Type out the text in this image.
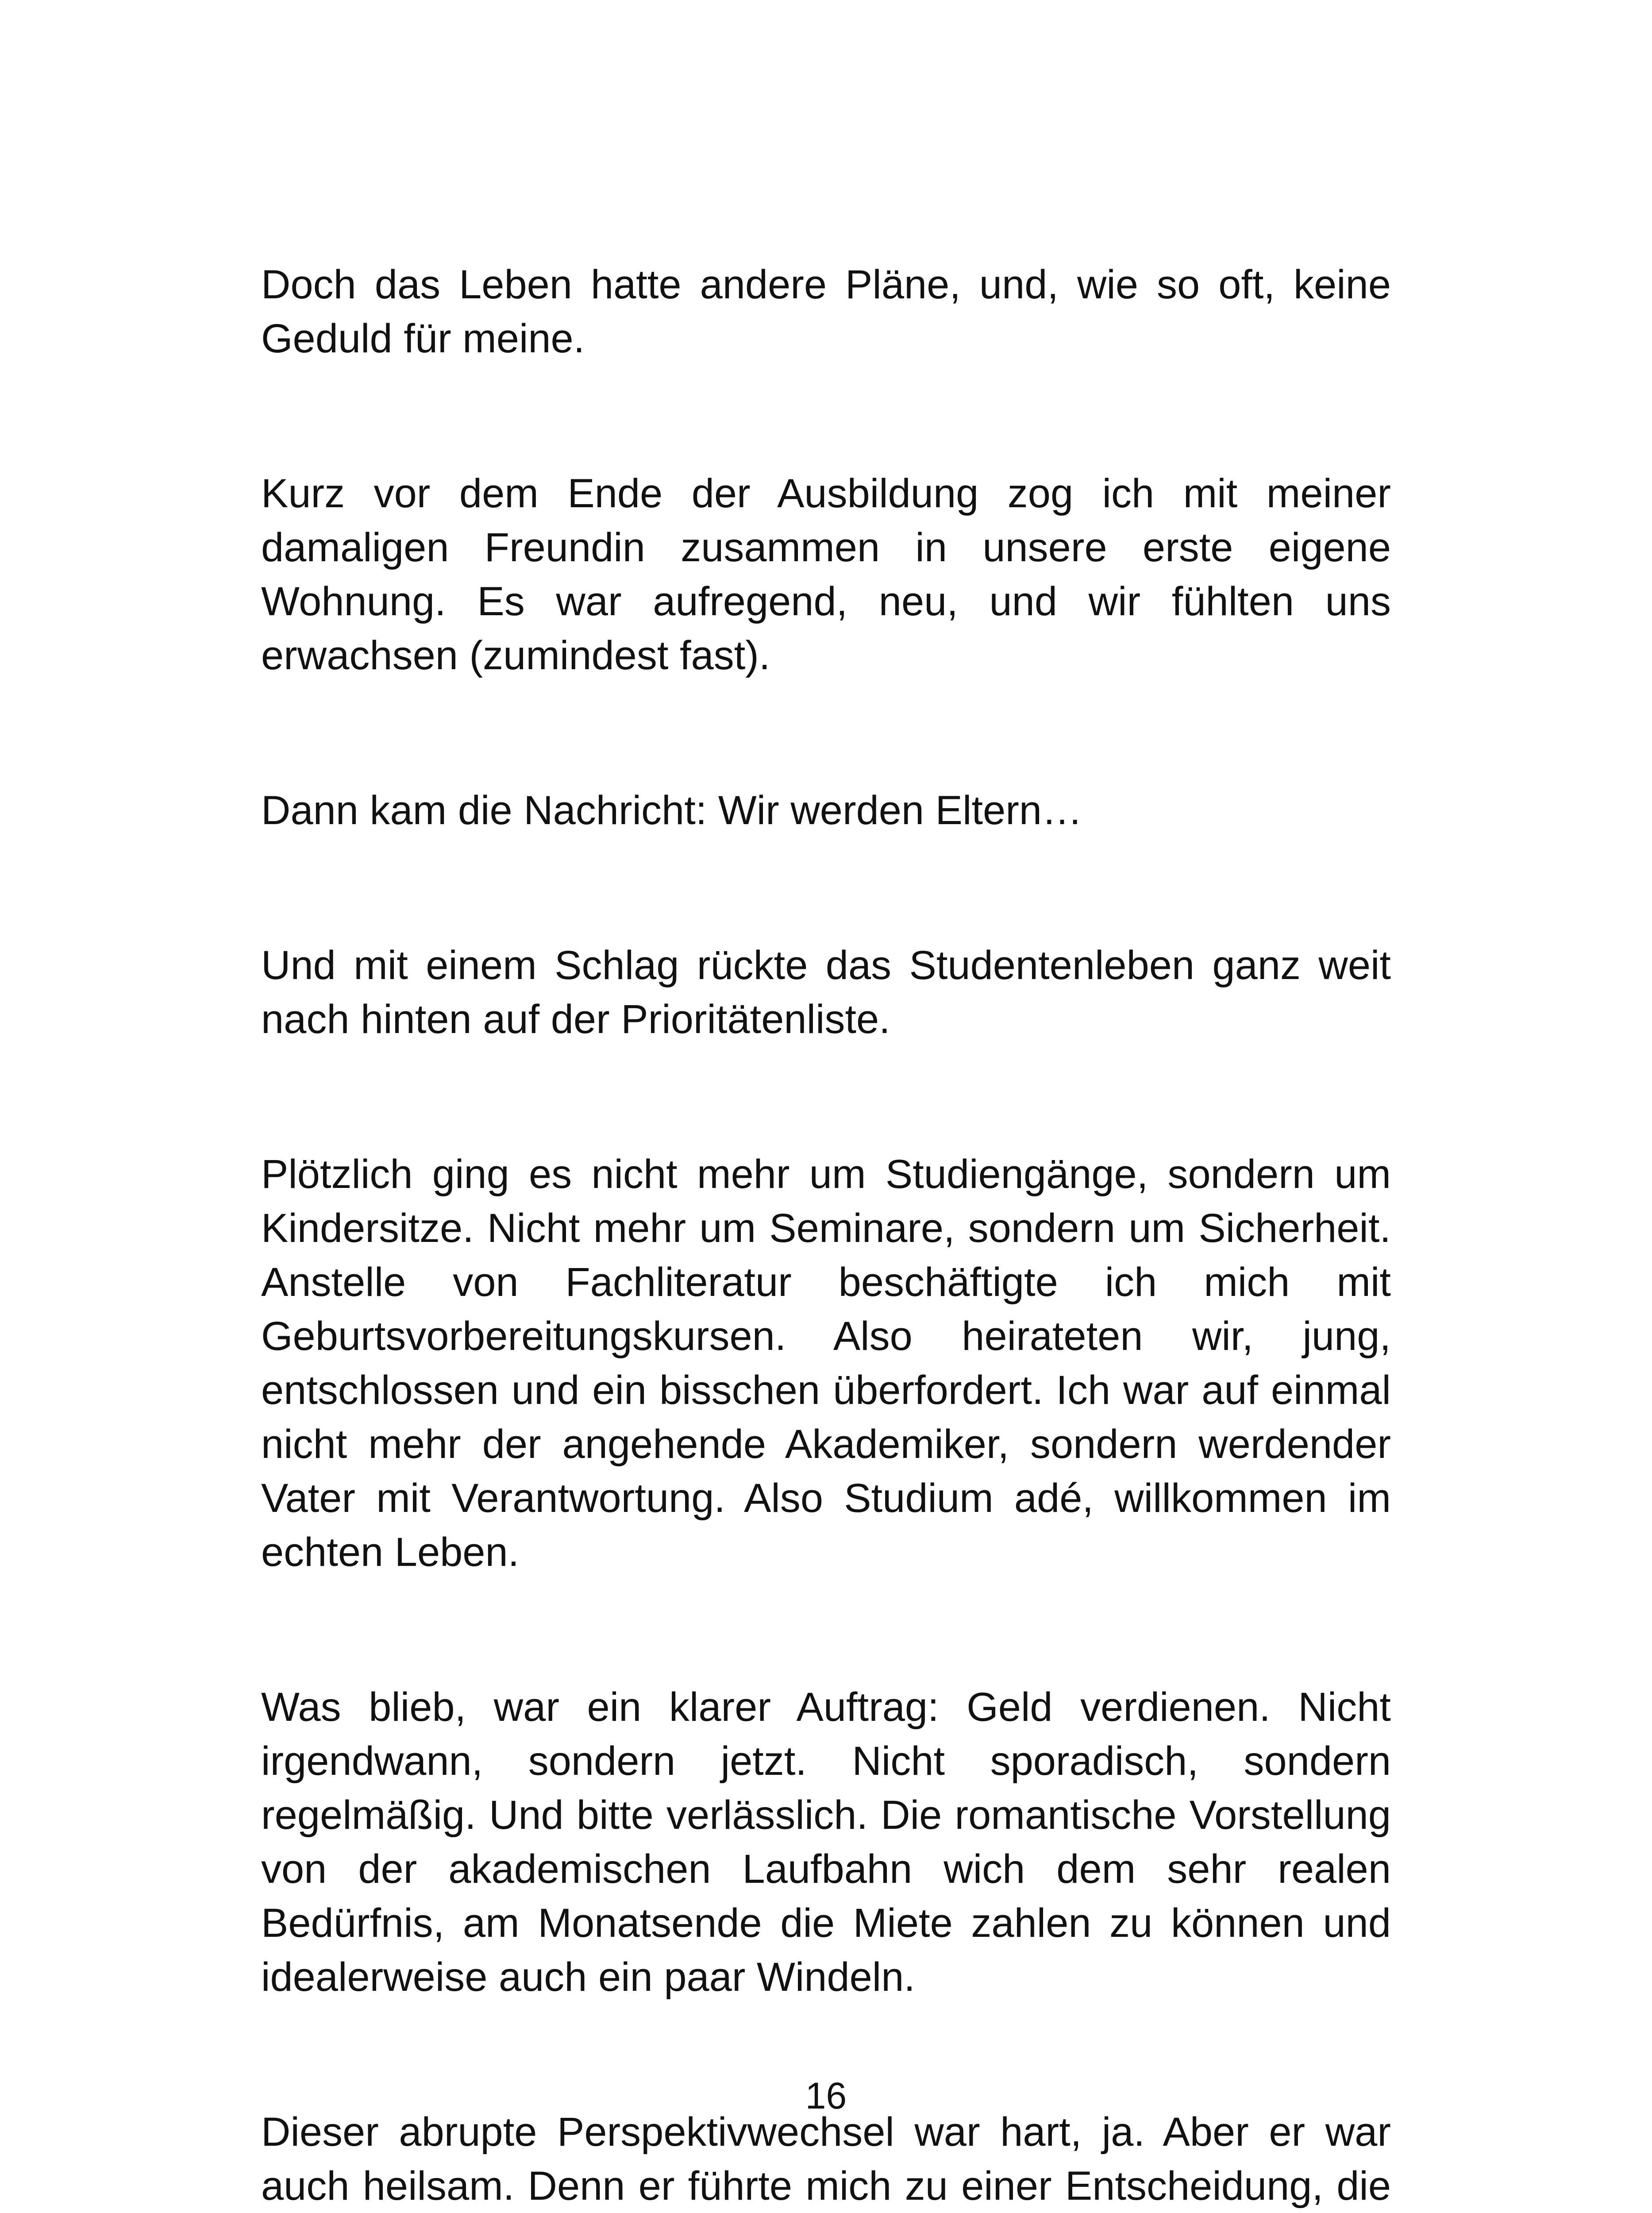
Doch das Leben hatte andere Pläne, und, wie so oft, keine Geduld für meine.

Kurz vor dem Ende der Ausbildung zog ich mit meiner damaligen Freundin zusammen in unsere erste eigene Wohnung. Es war aufregend, neu, und wir fühlten uns erwachsen (zumindest fast).

Dann kam die Nachricht: Wir werden Eltern…

Und mit einem Schlag rückte das Studentenleben ganz weit nach hinten auf der Prioritätenliste.

Plötzlich ging es nicht mehr um Studiengänge, sondern um Kindersitze. Nicht mehr um Seminare, sondern um Sicherheit. Anstelle von Fachliteratur beschäftigte ich mich mit Geburtsvorbereitungskursen. Also heirateten wir, jung, entschlossen und ein bisschen überfordert. Ich war auf einmal nicht mehr der angehende Akademiker, sondern werdender Vater mit Verantwortung. Also Studium adé, willkommen im echten Leben.

Was blieb, war ein klarer Auftrag: Geld verdienen. Nicht irgendwann, sondern jetzt. Nicht sporadisch, sondern regelmäßig. Und bitte verlässlich. Die romantische Vorstellung von der akademischen Laufbahn wich dem sehr realen Bedürfnis, am Monatsende die Miete zahlen zu können und idealerweise auch ein paar Windeln.

Dieser abrupte Perspektivwechsel war hart, ja. Aber er war auch heilsam. Denn er führte mich zu einer Entscheidung, die

16
